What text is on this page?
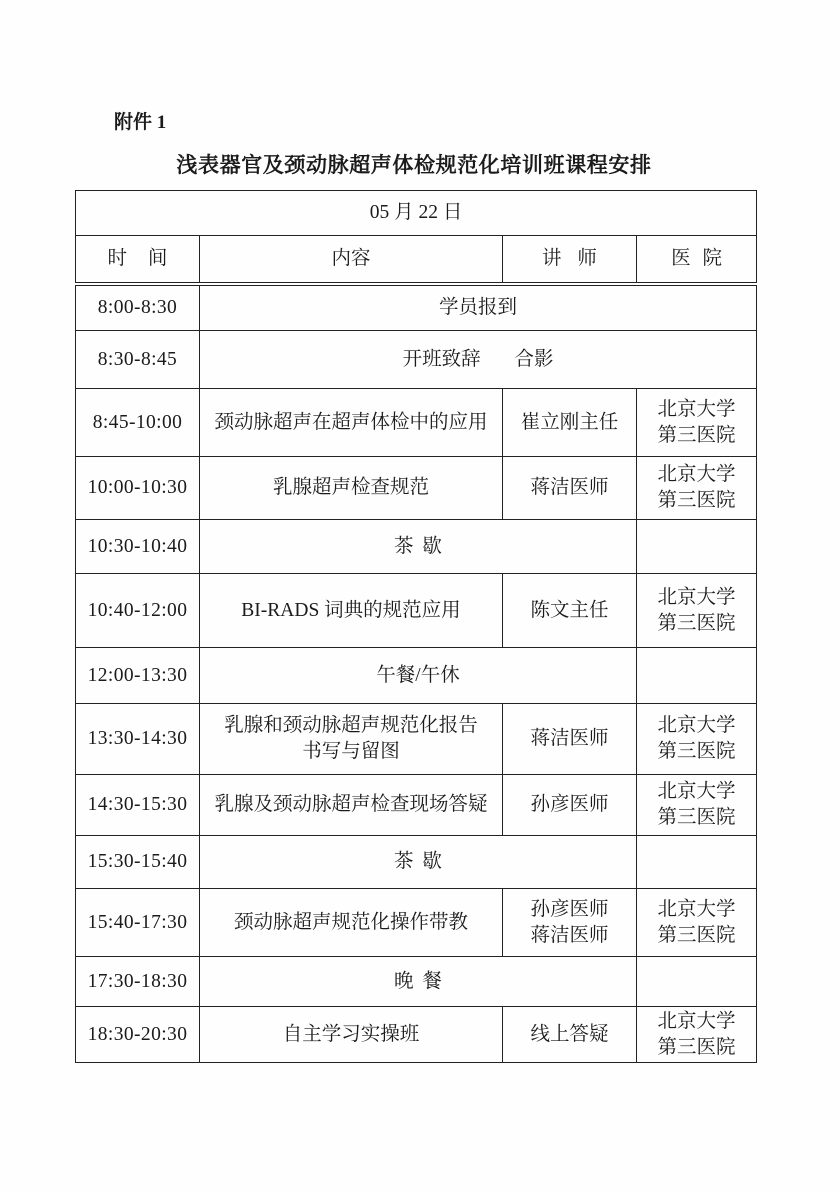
附件 1
浅表器官及颈动脉超声体检规范化培训班课程安排
05 月 22 日			
时 间	内容	讲 师	医 院
8:00-8:30	学员报到		

8:30-8:45	开班致辞 合影		

8:45-10:00	颈动脉超声在超声体检中的应用	崔立刚主任	北京大学
第三医院

10:00-10:30	乳腺超声检查规范	蒋洁医师	北京大学
第三医院

10:30-10:40	茶 歇		

10:40-12:00	BI-RADS 词典的规范应用	陈文主任	北京大学
第三医院

12:00-13:30	午餐/午休		

13:30-14:30	乳腺和颈动脉超声规范化报告
书写与留图	蒋洁医师	北京大学
第三医院

14:30-15:30	乳腺及颈动脉超声检查现场答疑	孙彦医师	北京大学
第三医院

15:30-15:40	茶 歇		

15:40-17:30	颈动脉超声规范化操作带教	孙彦医师
蒋洁医师	北京大学
第三医院

17:30-18:30	晚 餐		

18:30-20:30	自主学习实操班	线上答疑	北京大学
第三医院
